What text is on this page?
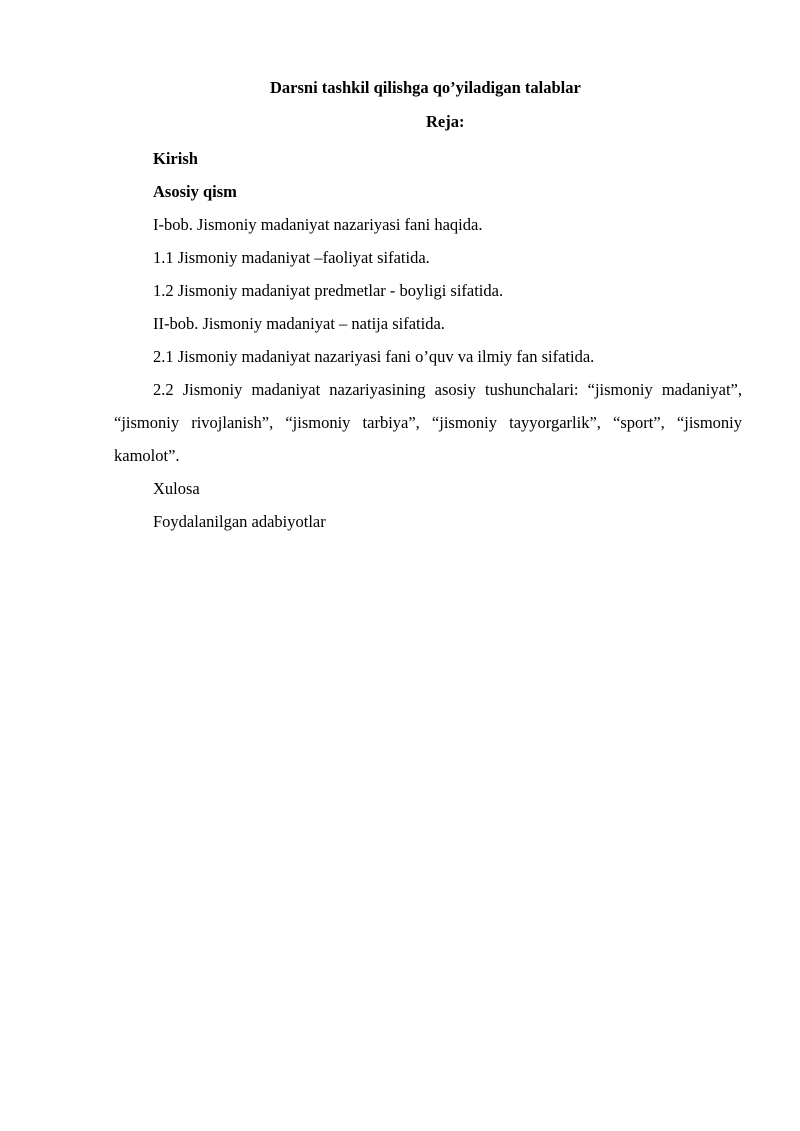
Darsni tashkil qilishga qo’yiladigan talablar

Reja:

Kirish
Asosiy qism
I-bob. Jismoniy madaniyat nazariyasi fani haqida.
1.1 Jismoniy madaniyat –faoliyat sifatida.
1.2 Jismoniy madaniyat predmetlar - boyligi sifatida.
II-bob. Jismoniy madaniyat – natija sifatida.
2.1 Jismoniy madaniyat nazariyasi fani o’quv va ilmiy fan sifatida.
2.2 Jismoniy madaniyat nazariyasining asosiy tushunchalari: “jismoniy madaniyat”, “jismoniy rivojlanish”, “jismoniy tarbiya”, “jismoniy tayyorgarlik”, “sport”, “jismoniy kamolot”.
Xulosa
Foydalanilgan adabiyotlar
